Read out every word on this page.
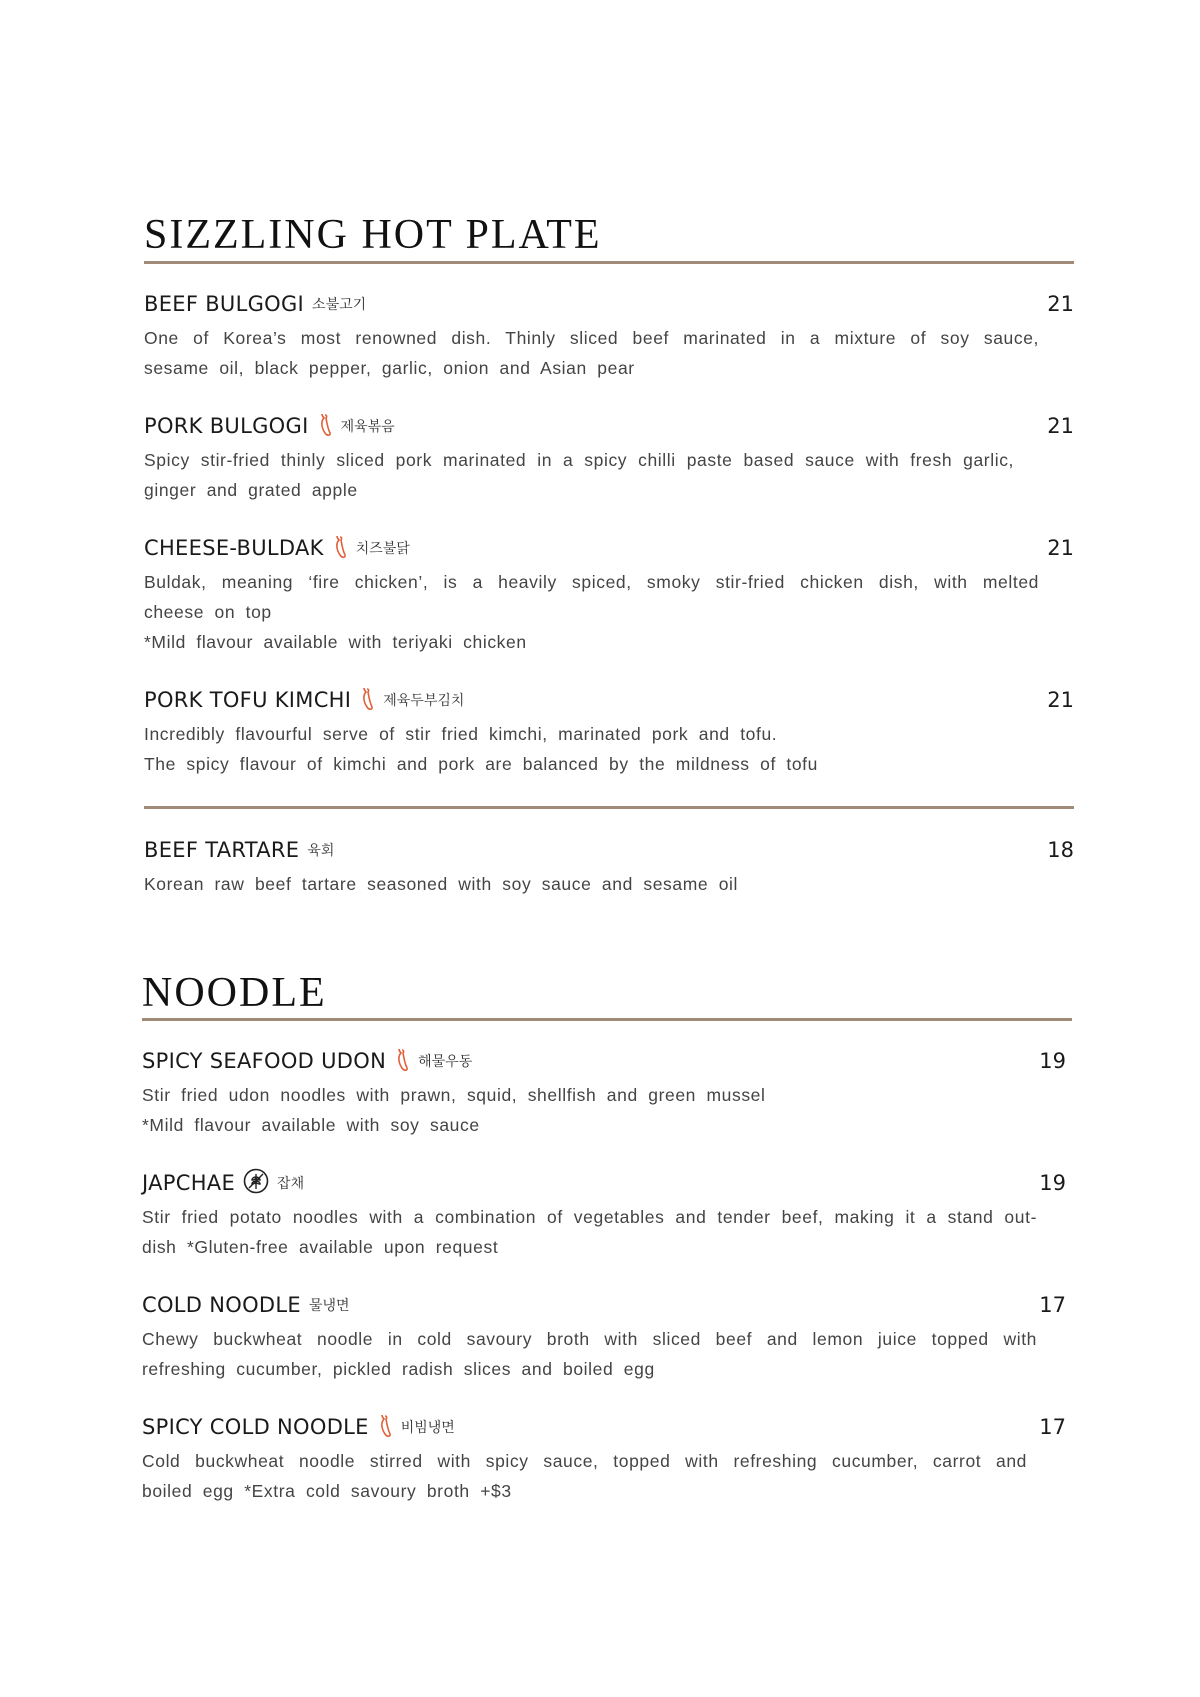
SIZZLING HOT PLATE
BEEF BULGOGI 소불고기	21

One of Korea’s most renowned dish. Thinly sliced beef marinated in a mixture of soy sauce, sesame oil, black pepper, garlic, onion and Asian pear

PORK BULGOGI 제육볶음	21

Spicy stir-fried thinly sliced pork marinated in a spicy chilli paste based sauce with fresh garlic, ginger and grated apple

CHEESE-BULDAK 치즈불닭	21

Buldak, meaning ‘fire chicken’, is a heavily spiced, smoky stir-fried chicken dish, with melted cheese on top

*Mild flavour available with teriyaki chicken

PORK TOFU KIMCHI 제육두부김치	21

Incredibly flavourful serve of stir fried kimchi, marinated pork and tofu.

The spicy flavour of kimchi and pork are balanced by the mildness of tofu

BEEF TARTARE 육회	18

Korean raw beef tartare seasoned with soy sauce and sesame oil

NOODLE
SPICY SEAFOOD UDON 해물우동	19

Stir fried udon noodles with prawn, squid, shellfish and green mussel

*Mild flavour available with soy sauce

JAPCHAE	잡채	19

Stir fried potato noodles with a combination of vegetables and tender beef, making it a stand out-dish *Gluten-free available upon request

COLD NOODLE 물냉면	17

Chewy buckwheat noodle in cold savoury broth with sliced beef and lemon juice topped with refreshing cucumber, pickled radish slices and boiled egg

SPICY COLD NOODLE 비빔냉면	17

Cold buckwheat noodle stirred with spicy sauce, topped with refreshing cucumber, carrot and boiled egg *Extra cold savoury broth +$3
